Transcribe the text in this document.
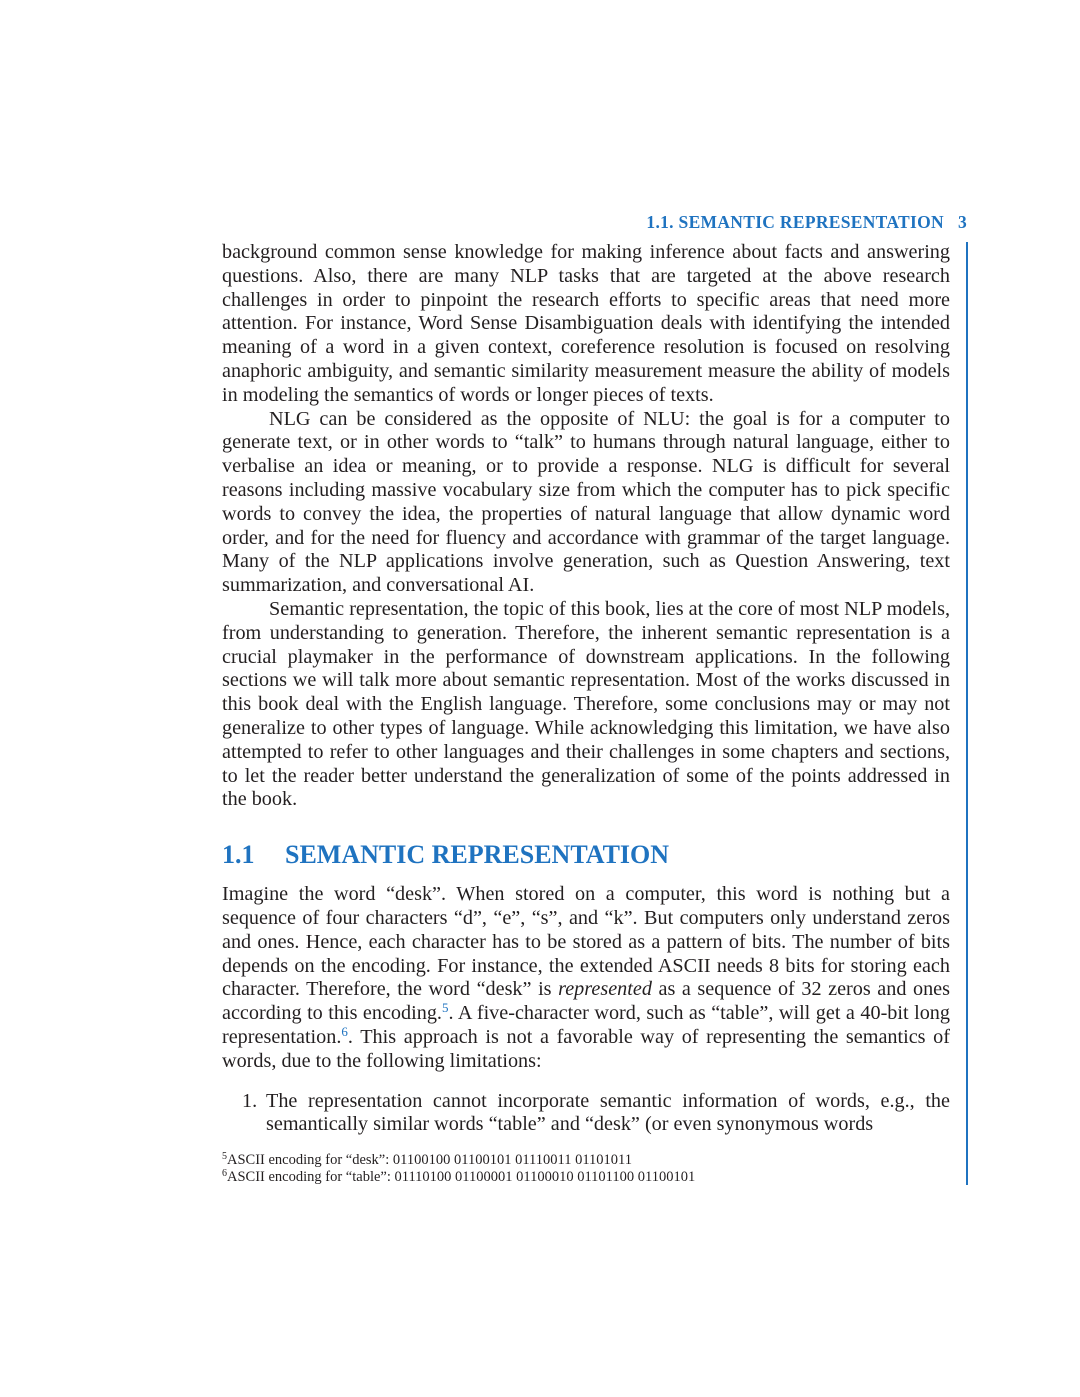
1.1. SEMANTIC REPRESENTATION 3

background common sense knowledge for making inference about facts and answering questions. Also, there are many NLP tasks that are targeted at the above research challenges in order to pinpoint the research efforts to specific areas that need more attention. For instance, Word Sense Disambiguation deals with identifying the intended meaning of a word in a given context, coreference resolution is focused on resolving anaphoric ambiguity, and semantic similarity measurement measure the ability of models in modeling the semantics of words or longer pieces of texts.

NLG can be considered as the opposite of NLU: the goal is for a computer to generate text, or in other words to “talk” to humans through natural language, either to verbalise an idea or meaning, or to provide a response. NLG is difficult for several reasons including massive vocabulary size from which the computer has to pick specific words to convey the idea, the properties of natural language that allow dynamic word order, and for the need for fluency and accordance with grammar of the target language. Many of the NLP applications involve generation, such as Question Answering, text summarization, and conversational AI.

Semantic representation, the topic of this book, lies at the core of most NLP models, from understanding to generation. Therefore, the inherent semantic representation is a crucial playmaker in the performance of downstream applications. In the following sections we will talk more about semantic representation. Most of the works discussed in this book deal with the English language. Therefore, some conclusions may or may not generalize to other types of language. While acknowledging this limitation, we have also attempted to refer to other languages and their challenges in some chapters and sections, to let the reader better understand the generalization of some of the points addressed in the book.

1.1 SEMANTIC REPRESENTATION

Imagine the word “desk”. When stored on a computer, this word is nothing but a sequence of four characters “d”, “e”, “s”, and “k”. But computers only understand zeros and ones. Hence, each character has to be stored as a pattern of bits. The number of bits depends on the encoding. For instance, the extended ASCII needs 8 bits for storing each character. Therefore, the word “desk” is represented as a sequence of 32 zeros and ones according to this encoding.$^5$. A five-character word, such as “table”, will get a 40-bit long representation.$^6$. This approach is not a favorable way of representing the semantics of words, due to the following limitations:

1. The representation cannot incorporate semantic information of words, e.g., the semantically similar words “table” and “desk” (or even synonymous words
$^5$ASCII encoding for “desk”: 01100100 01100101 01110011 01101011
$^6$ASCII encoding for “table”: 01110100 01100001 01100010 01101100 01100101
